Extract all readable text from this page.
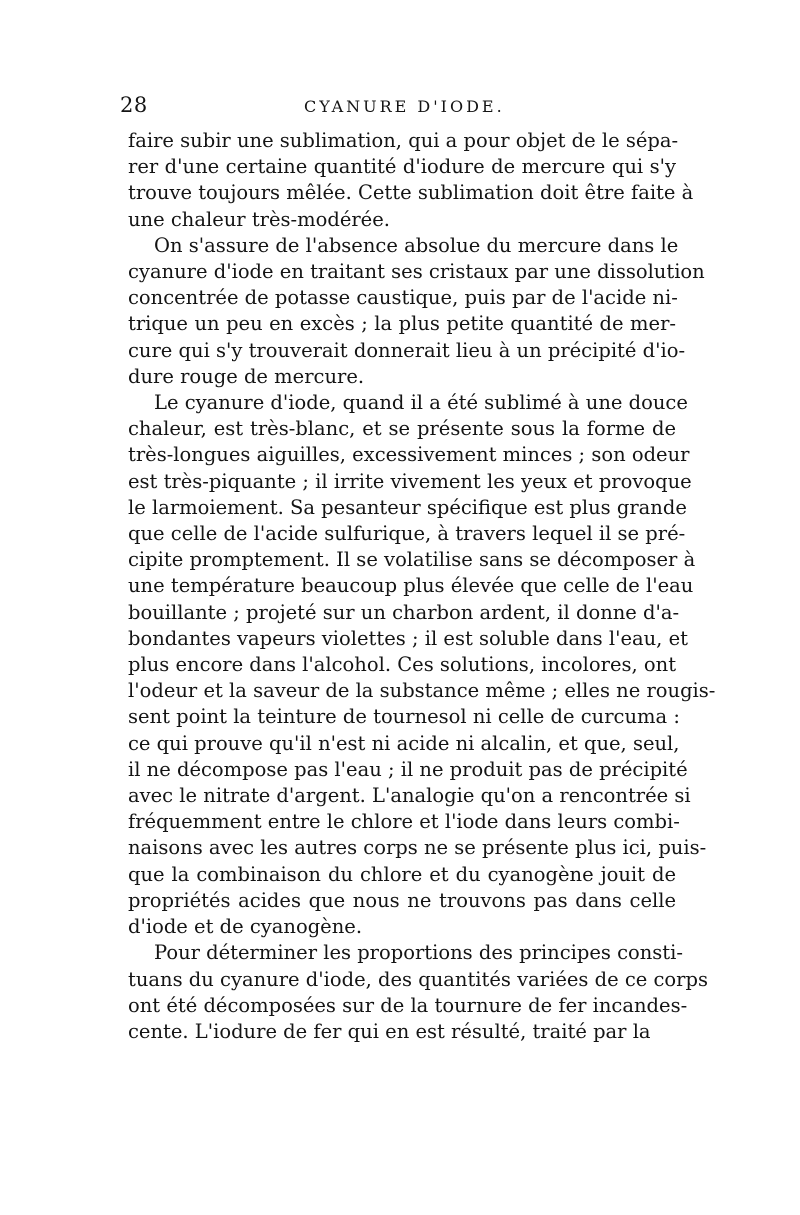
28	CYANURE D'IODE.

faire subir une sublimation, qui a pour objet de le sépa-
rer d'une certaine quantité d'iodure de mercure qui s'y
trouve toujours mêlée. Cette sublimation doit être faite à
une chaleur très-modérée.

On s'assure de l'absence absolue du mercure dans le
cyanure d'iode en traitant ses cristaux par une dissolution
concentrée de potasse caustique, puis par de l'acide ni-
trique un peu en excès ; la plus petite quantité de mer-
cure qui s'y trouverait donnerait lieu à un précipité d'io-
dure rouge de mercure.

Le cyanure d'iode, quand il a été sublimé à une douce
chaleur, est très-blanc, et se présente sous la forme de
très-longues aiguilles, excessivement minces ; son odeur
est très-piquante ; il irrite vivement les yeux et provoque
le larmoiement. Sa pesanteur spécifique est plus grande
que celle de l'acide sulfurique, à travers lequel il se pré-
cipite promptement. Il se volatilise sans se décomposer à
une température beaucoup plus élevée que celle de l'eau
bouillante ; projeté sur un charbon ardent, il donne d'a-
bondantes vapeurs violettes ; il est soluble dans l'eau, et
plus encore dans l'alcohol. Ces solutions, incolores, ont
l'odeur et la saveur de la substance même ; elles ne rougis-
sent point la teinture de tournesol ni celle de curcuma :
ce qui prouve qu'il n'est ni acide ni alcalin, et que, seul,
il ne décompose pas l'eau ; il ne produit pas de précipité
avec le nitrate d'argent. L'analogie qu'on a rencontrée si
fréquemment entre le chlore et l'iode dans leurs combi-
naisons avec les autres corps ne se présente plus ici, puis-
que la combinaison du chlore et du cyanogène jouit de
propriétés acides que nous ne trouvons pas dans celle
d'iode et de cyanogène.

Pour déterminer les proportions des principes consti-
tuans du cyanure d'iode, des quantités variées de ce corps
ont été décomposées sur de la tournure de fer incandes-
cente. L'iodure de fer qui en est résulté, traité par la
